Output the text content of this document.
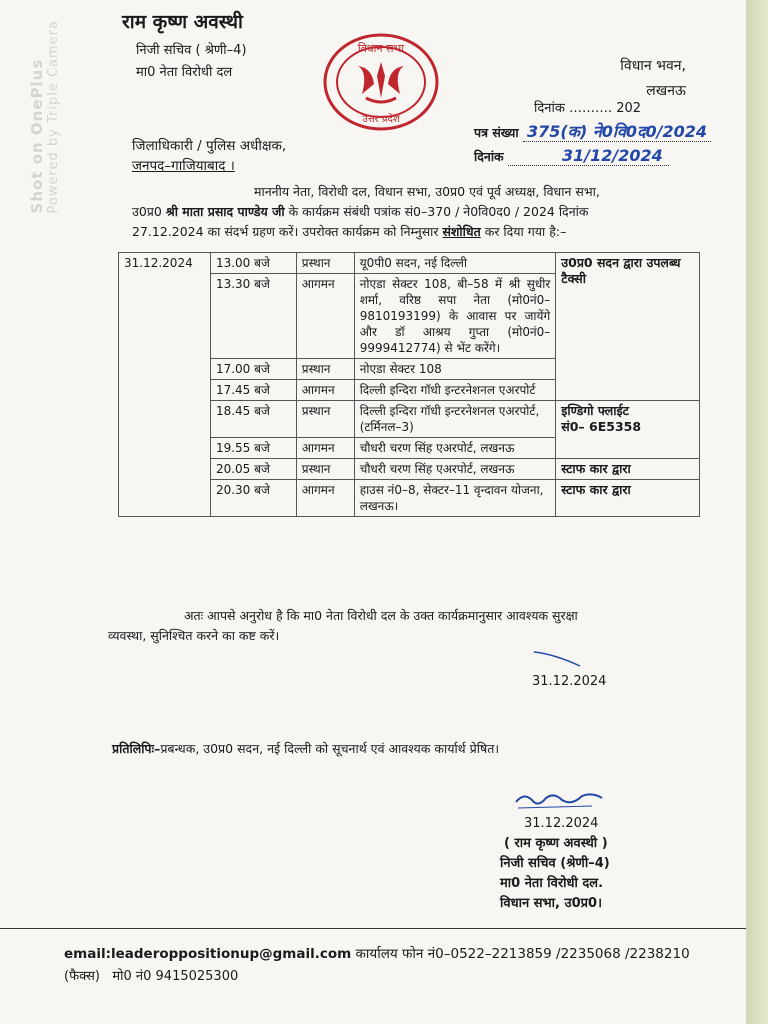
Shot on OnePlus Powered by Triple Camera	राम कृष्ण अवस्थी
निजी सचिव ( श्रेणी–4)
मा0 नेता विरोधी दल
विधान सभा
उत्तर प्रदेश
विधान भवन,
लखनऊ
दिनांक ………. 202
पत्र संख्या 375(क) ने0वि0द0/2024
दिनांक	31/12/2024
जिलाधिकारी / पुलिस अधीक्षक,
जनपद–गाजियाबाद ।
माननीय नेता, विरोधी दल, विधान सभा, उ0प्र0 एवं पूर्व अध्यक्ष, विधान सभा,
उ0प्र0 श्री माता प्रसाद पाण्डेय जी के कार्यक्रम संबंधी पत्रांक सं0–370 / ने0वि0द0 / 2024 दिनांक
27.12.2024 का संदर्भ ग्रहण करें। उपरोक्त कार्यक्रम को निम्नुसार संशोधित कर दिया गया है:–
31.12.2024	13.00 बजे	प्रस्थान	यू0पी0 सदन, नई दिल्ली	उ0प्र0 सदन द्वारा उपलब्ध टैक्सी
	13.30 बजे	आगमन	नोएडा सेक्टर 108, बी–58 में श्री सुधीर शर्मा, वरिष्ठ सपा नेता (मो0नं0–9810193199) के आवास पर जायेंगे और डॉ आश्रय गुप्ता (मो0नं0–9999412774) से भेंट करेंगे।	
	17.00 बजे	प्रस्थान	नोएडा सेक्टर 108	
	17.45 बजे	आगमन	दिल्ली इन्दिरा गॉधी इन्टरनेशनल एअरपोर्ट	
	18.45 बजे	प्रस्थान	दिल्ली इन्दिरा गॉधी इन्टरनेशनल एअरपोर्ट, (टर्मिनल–3)	इण्डिगो फ्लाईट
सं0– 6E5358

	19.55 बजे	आगमन	चौधरी चरण सिंह एअरपोर्ट, लखनऊ	
	20.05 बजे	प्रस्थान	चौधरी चरण सिंह एअरपोर्ट, लखनऊ	स्टाफ कार द्वारा
	20.30 बजे	आगमन	हाउस नं0–8, सेक्टर–11 वृन्दावन योजना, लखनऊ।	स्टाफ कार द्वारा
अतः आपसे अनुरोध है कि मा0 नेता विरोधी दल के उक्त कार्यक्रमानुसार आवश्यक सुरक्षा
व्यवस्था, सुनिश्चित करने का कष्ट करें।
31.12.2024
प्रतिलिपिः–प्रबन्धक, उ0प्र0 सदन, नई दिल्ली को सूचनार्थ एवं आवश्यक कार्यार्थ प्रेषित।
31.12.2024
( राम कृष्ण अवस्थी )
निजी सचिव (श्रेणी–4)
मा0 नेता विरोधी दल.
विधान सभा, उ0प्र0।
email:leaderoppositionup@gmail.com कार्यालय फोन नं0–0522–2213859 /2235068 /2238210
(फैक्स)   मो0 नं0 9415025300
